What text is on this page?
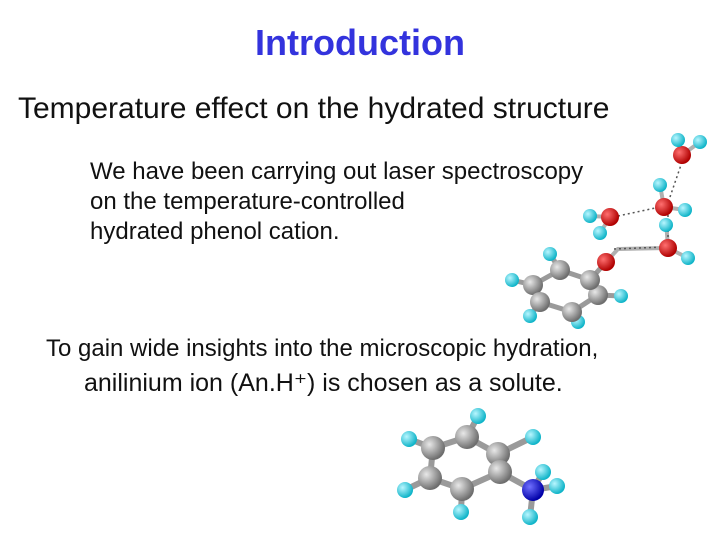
Introduction
Temperature effect on the hydrated structure
We have been carrying out laser spectroscopy
on the temperature-controlled
hydrated phenol cation.
To gain wide insights into the microscopic hydration,
anilinium ion (An.H⁺) is chosen as a solute.
